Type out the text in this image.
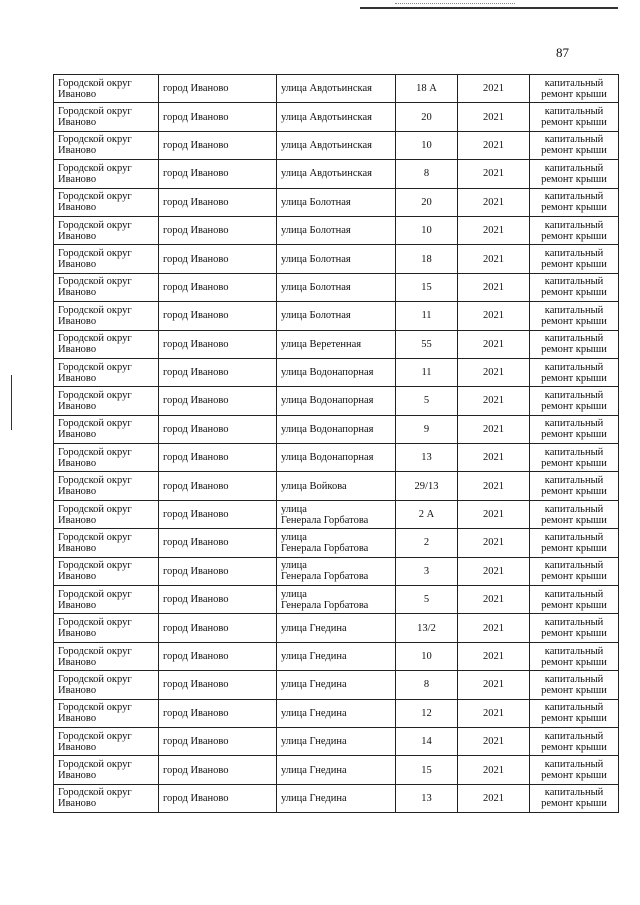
87
Городской округ
Иваново	город Иваново	улица Авдотьинская	18 А	2021	капитальный
ремонт крыши

Городской округ
Иваново	город Иваново	улица Авдотьинская	20	2021	капитальный
ремонт крыши

Городской округ
Иваново	город Иваново	улица Авдотьинская	10	2021	капитальный
ремонт крыши

Городской округ
Иваново	город Иваново	улица Авдотьинская	8	2021	капитальный
ремонт крыши

Городской округ
Иваново	город Иваново	улица Болотная	20	2021	капитальный
ремонт крыши

Городской округ
Иваново	город Иваново	улица Болотная	10	2021	капитальный
ремонт крыши

Городской округ
Иваново	город Иваново	улица Болотная	18	2021	капитальный
ремонт крыши

Городской округ
Иваново	город Иваново	улица Болотная	15	2021	капитальный
ремонт крыши

Городской округ
Иваново	город Иваново	улица Болотная	11	2021	капитальный
ремонт крыши

Городской округ
Иваново	город Иваново	улица Веретенная	55	2021	капитальный
ремонт крыши

Городской округ
Иваново	город Иваново	улица Водонапорная	11	2021	капитальный
ремонт крыши

Городской округ
Иваново	город Иваново	улица Водонапорная	5	2021	капитальный
ремонт крыши

Городской округ
Иваново	город Иваново	улица Водонапорная	9	2021	капитальный
ремонт крыши

Городской округ
Иваново	город Иваново	улица Водонапорная	13	2021	капитальный
ремонт крыши

Городской округ
Иваново	город Иваново	улица Войкова	29/13	2021	капитальный
ремонт крыши

Городской округ
Иваново	город Иваново	улица
Генерала Горбатова	2 А	2021	капитальный
ремонт крыши

Городской округ
Иваново	город Иваново	улица
Генерала Горбатова	2	2021	капитальный
ремонт крыши

Городской округ
Иваново	город Иваново	улица
Генерала Горбатова	3	2021	капитальный
ремонт крыши

Городской округ
Иваново	город Иваново	улица
Генерала Горбатова	5	2021	капитальный
ремонт крыши

Городской округ
Иваново	город Иваново	улица Гнедина	13/2	2021	капитальный
ремонт крыши

Городской округ
Иваново	город Иваново	улица Гнедина	10	2021	капитальный
ремонт крыши

Городской округ
Иваново	город Иваново	улица Гнедина	8	2021	капитальный
ремонт крыши

Городской округ
Иваново	город Иваново	улица Гнедина	12	2021	капитальный
ремонт крыши

Городской округ
Иваново	город Иваново	улица Гнедина	14	2021	капитальный
ремонт крыши

Городской округ
Иваново	город Иваново	улица Гнедина	15	2021	капитальный
ремонт крыши

Городской округ
Иваново	город Иваново	улица Гнедина	13	2021	капитальный
ремонт крыши
